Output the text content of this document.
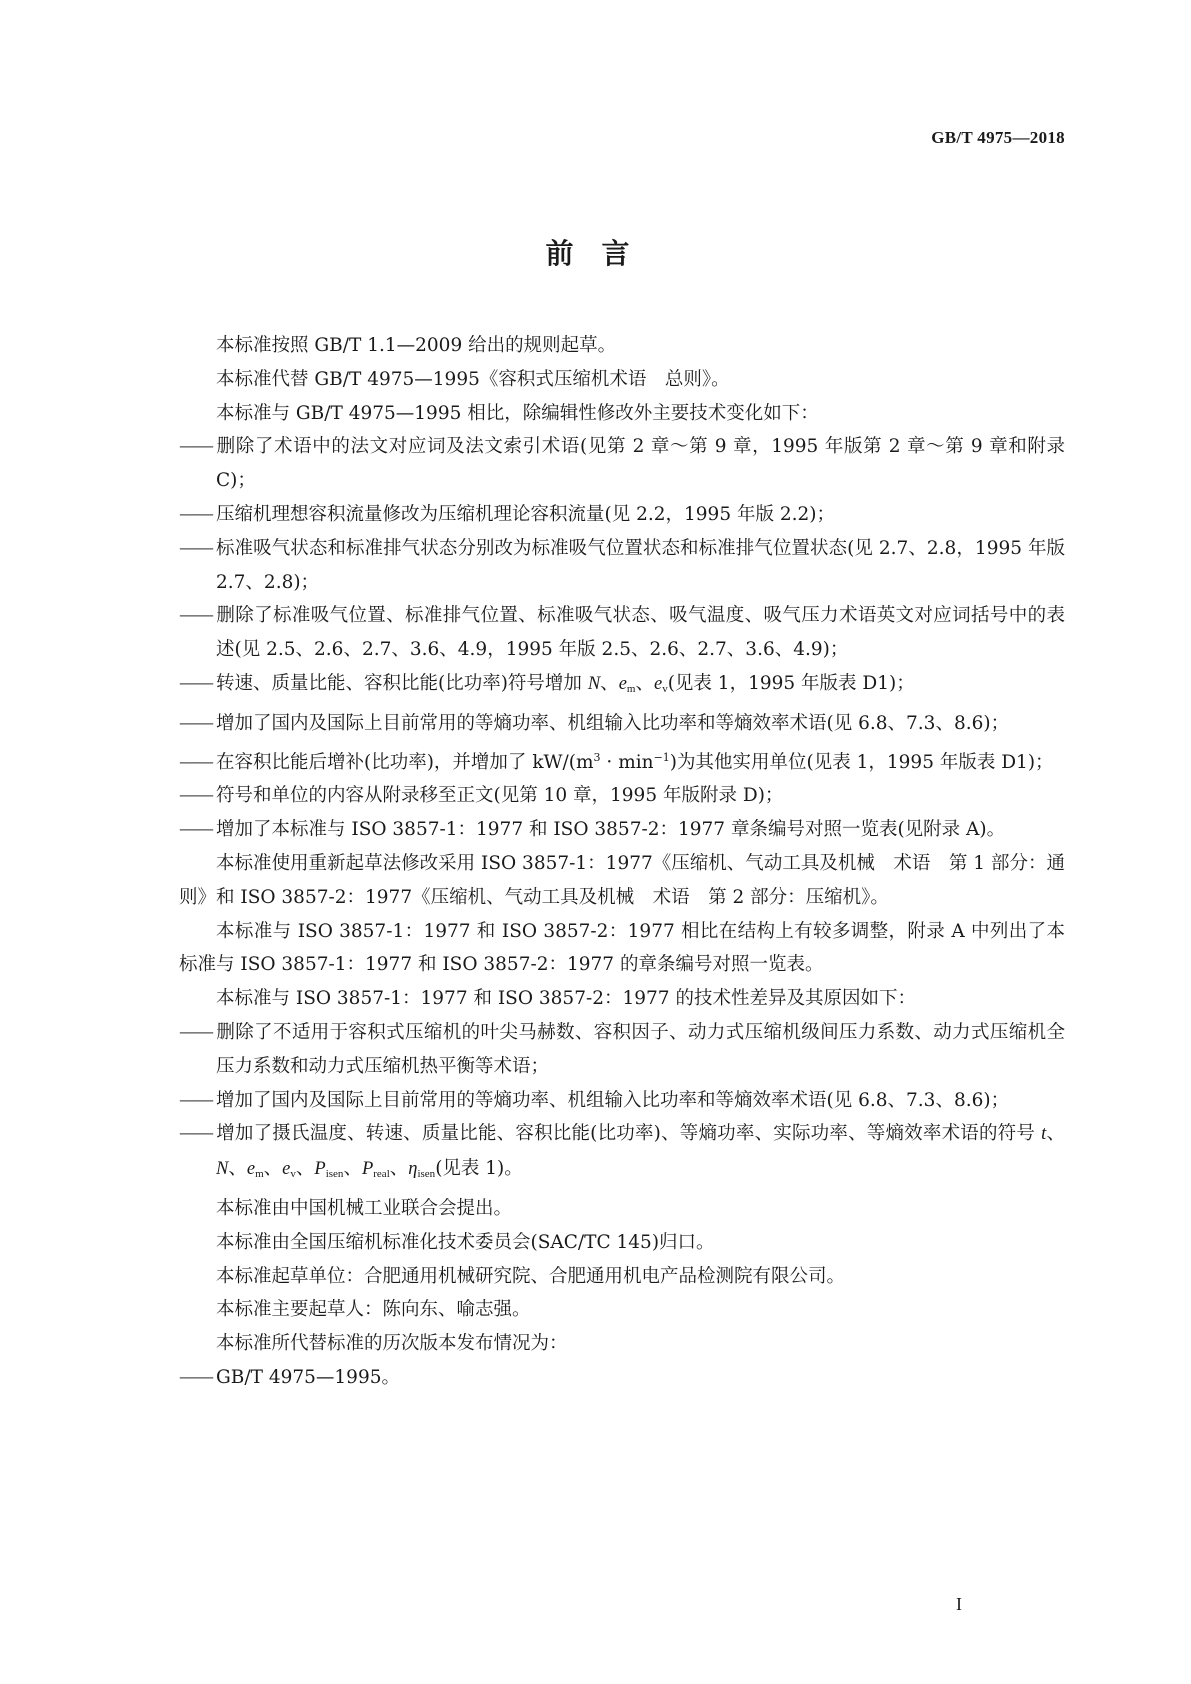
GB/T 4975—2018
前言

本标准按照 GB/T 1.1—2009 给出的规则起草。

本标准代替 GB/T 4975—1995《容积式压缩机术语　总则》。

本标准与 GB/T 4975—1995 相比，除编辑性修改外主要技术变化如下：

—— 删除了术语中的法文对应词及法文索引术语(见第 2 章～第 9 章，1995 年版第 2 章～第 9 章和附录 C)；

—— 压缩机理想容积流量修改为压缩机理论容积流量(见 2.2，1995 年版 2.2)；

—— 标准吸气状态和标准排气状态分别改为标准吸气位置状态和标准排气位置状态(见 2.7、2.8，1995 年版 2.7、2.8)；

—— 删除了标准吸气位置、标准排气位置、标准吸气状态、吸气温度、吸气压力术语英文对应词括号中的表述(见 2.5、2.6、2.7、3.6、4.9，1995 年版 2.5、2.6、2.7、3.6、4.9)；

—— 转速、质量比能、容积比能(比功率)符号增加 N、$e_m$、$e_v$(见表 1，1995 年版表 D1)；

—— 增加了国内及国际上目前常用的等熵功率、机组输入比功率和等熵效率术语(见 6.8、7.3、8.6)；

—— 在容积比能后增补(比功率)，并增加了 $kW/(m^3 \cdot \min^{-1})$为其他实用单位(见表 1，1995 年版表 D1)；

—— 符号和单位的内容从附录移至正文(见第 10 章，1995 年版附录 D)；

—— 增加了本标准与 ISO 3857-1：1977 和 ISO 3857-2：1977 章条编号对照一览表(见附录 A)。

本标准使用重新起草法修改采用 ISO 3857-1：1977《压缩机、气动工具及机械　术语　第 1 部分：通则》和 ISO 3857-2：1977《压缩机、气动工具及机械　术语　第 2 部分：压缩机》。

本标准与 ISO 3857-1：1977 和 ISO 3857-2：1977 相比在结构上有较多调整，附录 A 中列出了本标准与 ISO 3857-1：1977 和 ISO 3857-2：1977 的章条编号对照一览表。

本标准与 ISO 3857-1：1977 和 ISO 3857-2：1977 的技术性差异及其原因如下：

—— 删除了不适用于容积式压缩机的叶尖马赫数、容积因子、动力式压缩机级间压力系数、动力式压缩机全压力系数和动力式压缩机热平衡等术语；

—— 增加了国内及国际上目前常用的等熵功率、机组输入比功率和等熵效率术语(见 6.8、7.3、8.6)；

—— 增加了摄氏温度、转速、质量比能、容积比能(比功率)、等熵功率、实际功率、等熵效率术语的符号 t、N、$e_m$、$e_v$、$P_{isen}$、$P_{real}$、$\eta_{isen}$(见表 1)。

本标准由中国机械工业联合会提出。

本标准由全国压缩机标准化技术委员会(SAC/TC 145)归口。

本标准起草单位：合肥通用机械研究院、合肥通用机电产品检测院有限公司。

本标准主要起草人：陈向东、喻志强。

本标准所代替标准的历次版本发布情况为：

—— GB/T 4975—1995。

I
